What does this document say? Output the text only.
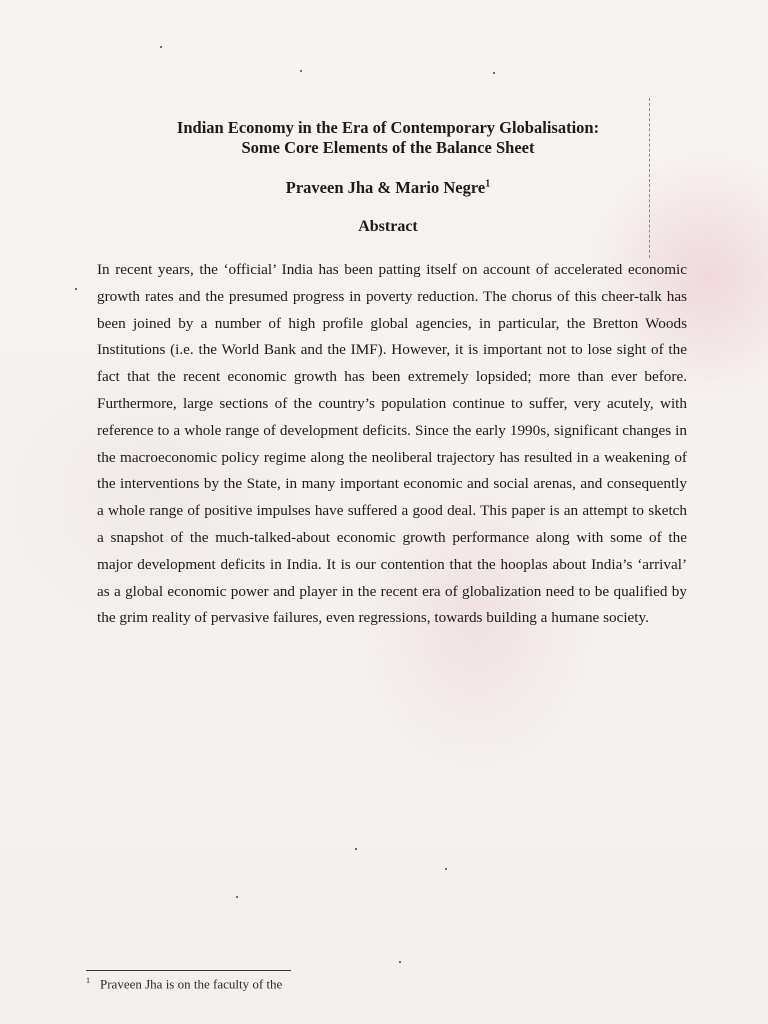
Indian Economy in the Era of Contemporary Globalisation:
Some Core Elements of the Balance Sheet
Praveen Jha & Mario Negre$^1$
Abstract
In recent years, the ‘official’ India has been patting itself on account of accelerated economic growth rates and the presumed progress in poverty reduction. The chorus of this cheer-talk has been joined by a number of high profile global agencies, in particular, the Bretton Woods Institutions (i.e. the World Bank and the IMF). However, it is important not to lose sight of the fact that the recent economic growth has been extremely lopsided; more than ever before. Furthermore, large sections of the country’s population continue to suffer, very acutely, with reference to a whole range of development deficits. Since the early 1990s, significant changes in the macroeconomic policy regime along the neoliberal trajectory has resulted in a weakening of the interventions by the State, in many important economic and social arenas, and consequently a whole range of positive impulses have suffered a good deal. This paper is an attempt to sketch a snapshot of the much-talked-about economic growth performance along with some of the major development deficits in India. It is our contention that the hooplas about India’s ‘arrival’ as a global economic power and player in the recent era of globalization need to be qualified by the grim reality of pervasive failures, even regressions, towards building a humane society.
$^1$ Praveen Jha is on the faculty of the
